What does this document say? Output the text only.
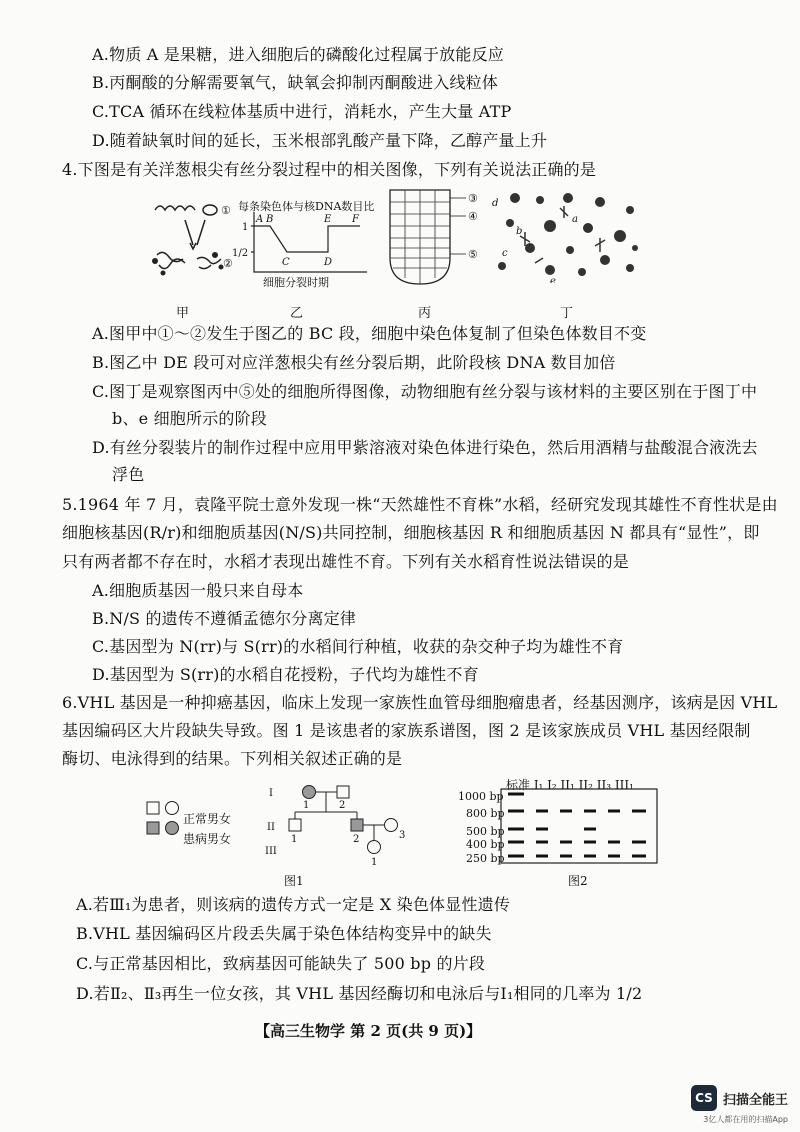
A.物质 A 是果糖，进入细胞后的磷酸化过程属于放能反应
B.丙酮酸的分解需要氧气，缺氧会抑制丙酮酸进入线粒体
C.TCA 循环在线粒体基质中进行，消耗水，产生大量 ATP
D.随着缺氧时间的延长，玉米根部乳酸产量下降，乙醇产量上升
4.下图是有关洋葱根尖有丝分裂过程中的相关图像，下列有关说法正确的是
①
②
每条染色体与核DNA数目比
1
1/2
A B
C	D
E F
细胞分裂时期
③
④
⑤
d
a
b
c
e
甲	乙	丙	丁
A.图甲中①～②发生于图乙的 BC 段，细胞中染色体复制了但染色体数目不变
B.图乙中 DE 段可对应洋葱根尖有丝分裂后期，此阶段核 DNA 数目加倍
C.图丁是观察图丙中⑤处的细胞所得图像，动物细胞有丝分裂与该材料的主要区别在于图丁中
b、e 细胞所示的阶段
D.有丝分裂装片的制作过程中应用甲紫溶液对染色体进行染色，然后用酒精与盐酸混合液洗去
浮色
5.1964 年 7 月，袁隆平院士意外发现一株“天然雄性不育株”水稻，经研究发现其雄性不育性状是由
细胞核基因(R/r)和细胞质基因(N/S)共同控制，细胞核基因 R 和细胞质基因 N 都具有“显性”，即
只有两者都不存在时，水稻才表现出雄性不育。下列有关水稻育性说法错误的是
A.细胞质基因一般只来自母本
B.N/S 的遗传不遵循孟德尔分离定律
C.基因型为 N(rr)与 S(rr)的水稻间行种植，收获的杂交种子均为雄性不育
D.基因型为 S(rr)的水稻自花授粉，子代均为雄性不育
6.VHL 基因是一种抑癌基因，临床上发现一家族性血管母细胞瘤患者，经基因测序，该病是因 VHL
基因编码区大片段缺失导致。图 1 是该患者的家族系谱图，图 2 是该家族成员 VHL 基因经限制
酶切、电泳得到的结果。下列相关叙述正确的是
I
II
III
1	2
1	2	3
1
正常男女
患病男女
图1
标准 I₁ I₂ II₁ II₂ II₃ III₁
1000 bp
800 bp
500 bp
400 bp
250 bp
图2
A.若Ⅲ₁为患者，则该病的遗传方式一定是 X 染色体显性遗传
B.VHL 基因编码区片段丢失属于染色体结构变异中的缺失
C.与正常基因相比，致病基因可能缺失了 500 bp 的片段
D.若Ⅱ₂、Ⅱ₃再生一位女孩，其 VHL 基因经酶切和电泳后与Ⅰ₁相同的几率为 1/2
【高三生物学 第 2 页(共 9 页)】
CS 扫描全能王
3亿人都在用的扫描App
